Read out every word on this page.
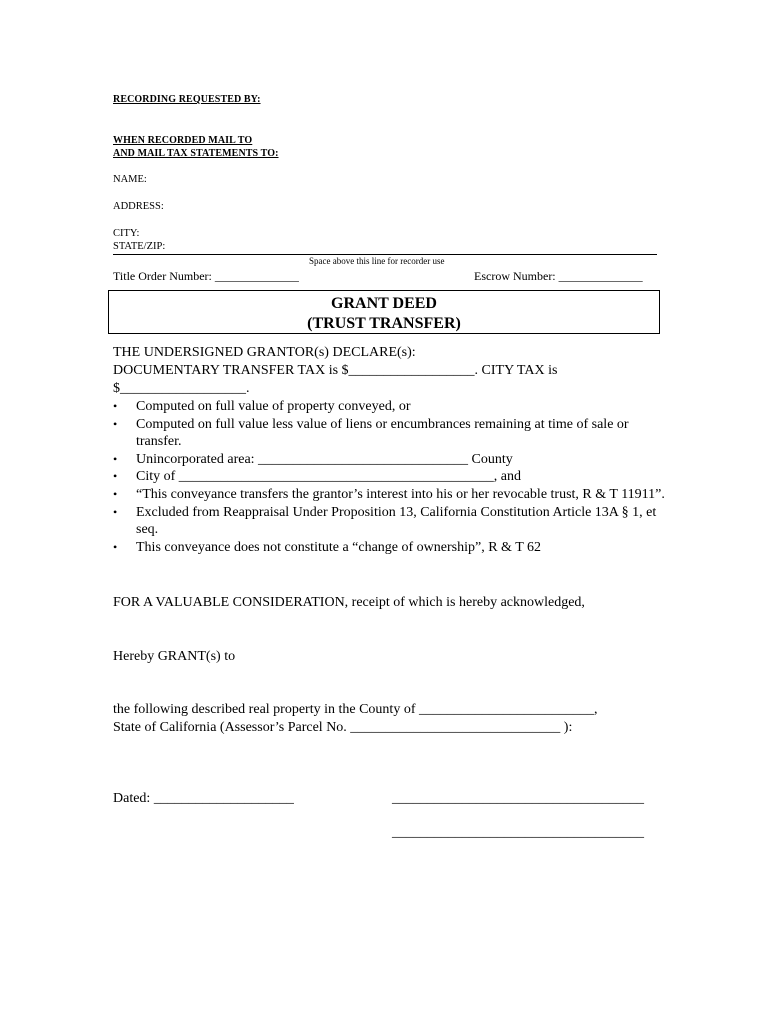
RECORDING REQUESTED BY:
WHEN RECORDED MAIL TO
AND MAIL TAX STATEMENTS TO:
NAME:
ADDRESS:
CITY:
STATE/ZIP:
Space above this line for recorder use
Title Order Number: ______________	Escrow Number: ______________
GRANT DEED
(TRUST TRANSFER)
THE UNDERSIGNED GRANTOR(s) DECLARE(s):
DOCUMENTARY TRANSFER TAX is $__________________. CITY TAX is
$__________________.
• Computed on full value of property conveyed, or
• Computed on full value less value of liens or encumbrances remaining at time of sale or transfer.
• Unincorporated area: ______________________________ County
• City of _____________________________________________, and
• “This conveyance transfers the grantor’s interest into his or her revocable trust, R & T 11911”.
• Excluded from Reappraisal Under Proposition 13, California Constitution Article 13A § 1, et seq.
• This conveyance does not constitute a “change of ownership”, R & T 62
FOR A VALUABLE CONSIDERATION, receipt of which is hereby acknowledged,
Hereby GRANT(s) to
the following described real property in the County of _________________________,
State of California (Assessor’s Parcel No. ______________________________ ):
Dated: ____________________	____________________________________
____________________________________
